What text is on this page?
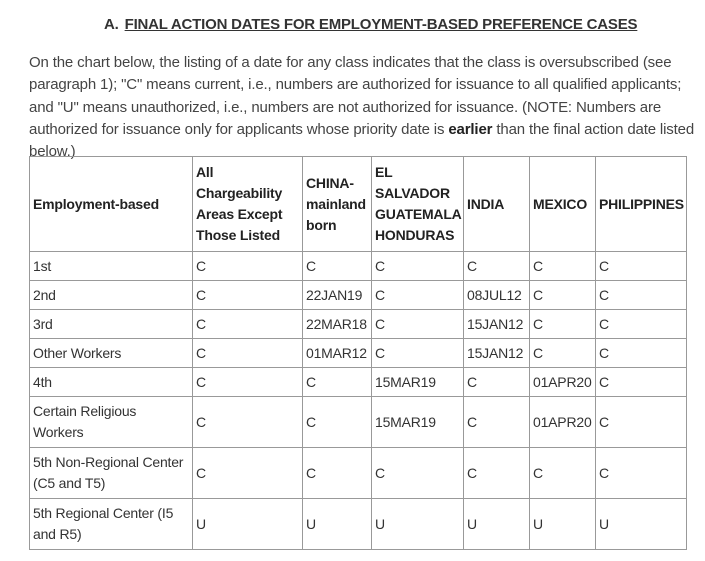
A. FINAL ACTION DATES FOR EMPLOYMENT-BASED PREFERENCE CASES

On the chart below, the listing of a date for any class indicates that the class is oversubscribed (see paragraph 1); "C" means current, i.e., numbers are authorized for issuance to all qualified applicants; and "U" means unauthorized, i.e., numbers are not authorized for issuance. (NOTE: Numbers are authorized for issuance only for applicants whose priority date is earlier than the final action date listed below.)

Employment-based	All Chargeability Areas Except Those Listed	CHINA-mainland born	EL SALVADOR GUATEMALA HONDURAS	INDIA	MEXICO	PHILIPPINES
1st	C	C	C	C	C	C
2nd	C	22JAN19	C	08JUL12	C	C
3rd	C	22MAR18	C	15JAN12	C	C
Other Workers	C	01MAR12	C	15JAN12	C	C
4th	C	C	15MAR19	C	01APR20	C
Certain Religious Workers	C	C	15MAR19	C	01APR20	C
5th Non-Regional Center (C5 and T5)	C	C	C	C	C	C
5th Regional Center (I5 and R5)	U	U	U	U	U	U
